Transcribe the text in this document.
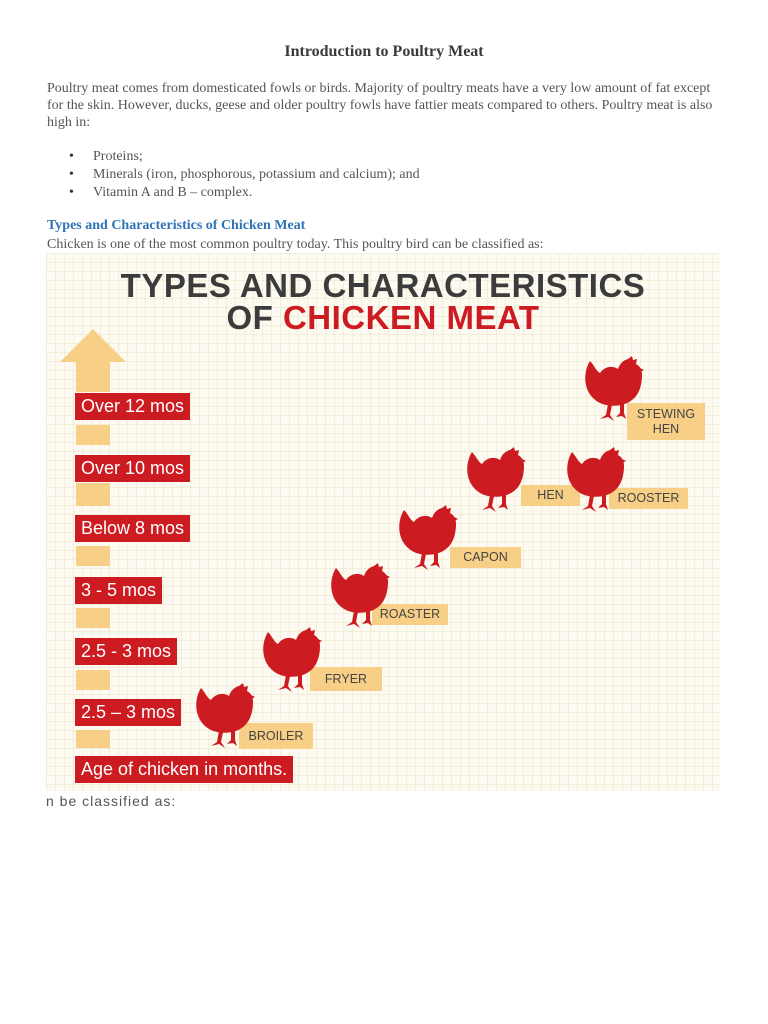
Introduction to Poultry Meat
Poultry meat comes from domesticated fowls or birds. Majority of poultry meats have a very low amount of fat except for the skin. However, ducks, geese and older poultry fowls have fattier meats compared to others. Poultry meat is also high in:
• Proteins;
• Minerals (iron, phosphorous, potassium and calcium); and
• Vitamin A and B – complex.
Types and Characteristics of Chicken Meat
Chicken is one of the most common poultry today. This poultry bird can be classified as:
TYPES AND CHARACTERISTICS
OF CHICKEN MEAT
Over 12 mos
Over 10 mos
Below 8 mos
3 - 5 mos
2.5 - 3 mos
2.5 – 3 mos
Age of chicken in months.
STEWING
HEN
HEN	ROOSTER
CAPON
ROASTER
FRYER
BROILER
n be classified as:
